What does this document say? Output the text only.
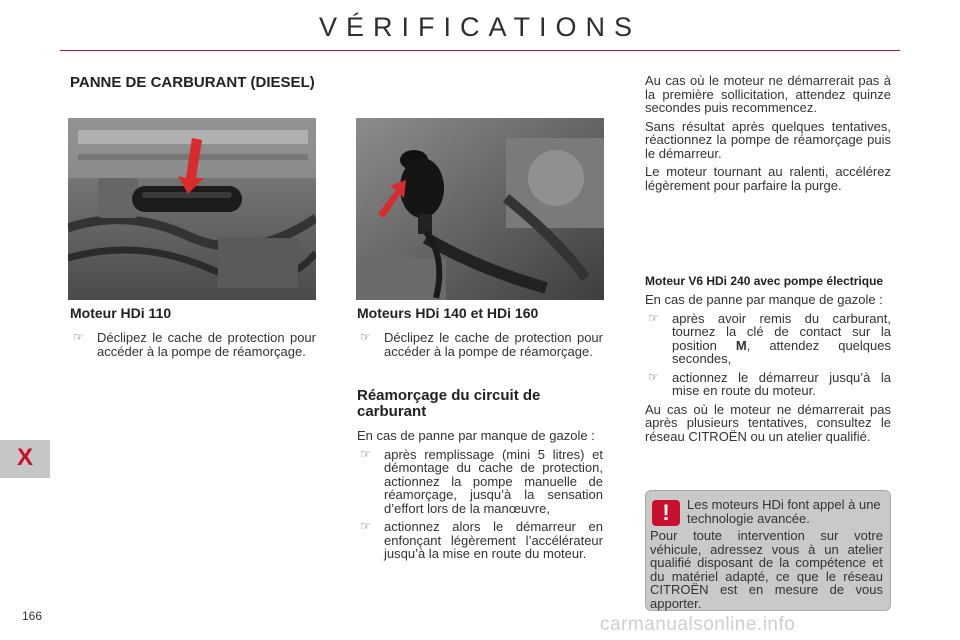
VÉRIFICATIONS
X
PANNE DE CARBURANT (DIESEL)
Moteur HDi 110
☞ Déclipez le cache de protection pour accéder à la pompe de réamorçage.
Moteurs HDi 140 et HDi 160
☞ Déclipez le cache de protection pour accéder à la pompe de réamorçage.
Réamorçage du circuit de carburant
En cas de panne par manque de gazole :
☞ après remplissage (mini 5 litres) et démontage du cache de protection, actionnez la pompe manuelle de réamorçage, jusqu’à la sensation d’effort lors de la manœuvre,
☞ actionnez alors le démarreur en enfonçant légèrement l’accélérateur jusqu’à la mise en route du moteur.
Au cas où le moteur ne démarrerait pas à la première sollicitation, attendez quinze secondes puis recommencez.
Sans résultat après quelques tentatives, réactionnez la pompe de réamorçage puis le démarreur.
Le moteur tournant au ralenti, accélérez légèrement pour parfaire la purge.
Moteur V6 HDi 240 avec pompe électrique
En cas de panne par manque de gazole :
☞ après avoir remis du carburant, tournez la clé de contact sur la position M, attendez quelques secondes,
☞ actionnez le démarreur jusqu’à la mise en route du moteur.
Au cas où le moteur ne démarrerait pas après plusieurs tentatives, consultez le réseau CITROËN ou un atelier qualifié.
!	Les moteurs HDi font appel à une technologie avancée.
Pour toute intervention sur votre véhicule, adressez vous à un atelier qualifié disposant de la compétence et du matériel adapté, ce que le réseau CITROËN est en mesure de vous apporter.
166	carmanualsonline.info
